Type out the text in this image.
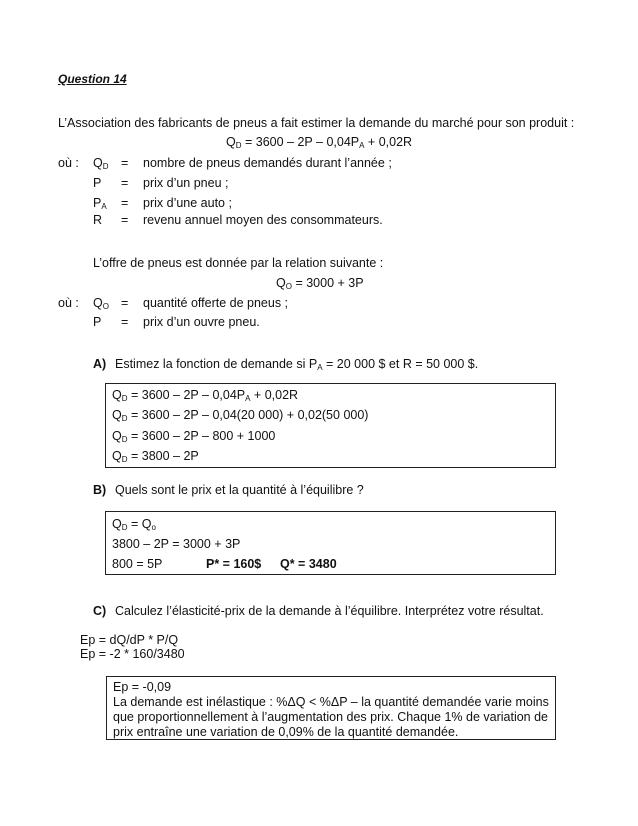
Question 14
L’Association des fabricants de pneus a fait estimer la demande du marché pour son produit :
$Q_D = 3600 - 2P - 0,04P_A + 0,02R$
où : $Q_D$ = nombre de pneus demandés durant l’année ;
P = prix d’un pneu ;
$P_A$ = prix d’une auto ;
R = revenu annuel moyen des consommateurs.
L’offre de pneus est donnée par la relation suivante :
$Q_O = 3000 + 3P$
où : $Q_O$ = quantité offerte de pneus ;
P = prix d’un ouvre pneu.
A) Estimez la fonction de demande si $P_A = 20$ 000 $ et R = 50 000 $.
$Q_D = 3600 - 2P - 0,04P_A + 0,02R$
$Q_D = 3600 - 2P - 0,04(20$ 000) + 0,02(50 000)
$Q_D = 3600 - 2P - 800 + 1000$
$Q_D = 3800 - 2P$
B) Quels sont le prix et la quantité à l’équilibre ?
$Q_D = Q_o$
3800 – 2P = 3000 + 3P
800 = 5P	P* = 160$ Q* = 3480
C) Calculez l’élasticité-prix de la demande à l’équilibre. Interprétez votre résultat.
Ep = dQ/dP * P/Q
Ep = -2 * 160/3480
Ep = -0,09
La demande est inélastique : %ΔQ < %ΔP – la quantité demandée varie moins que proportionnellement à l’augmentation des prix. Chaque 1% de variation de prix entraîne une variation de 0,09% de la quantité demandée.
